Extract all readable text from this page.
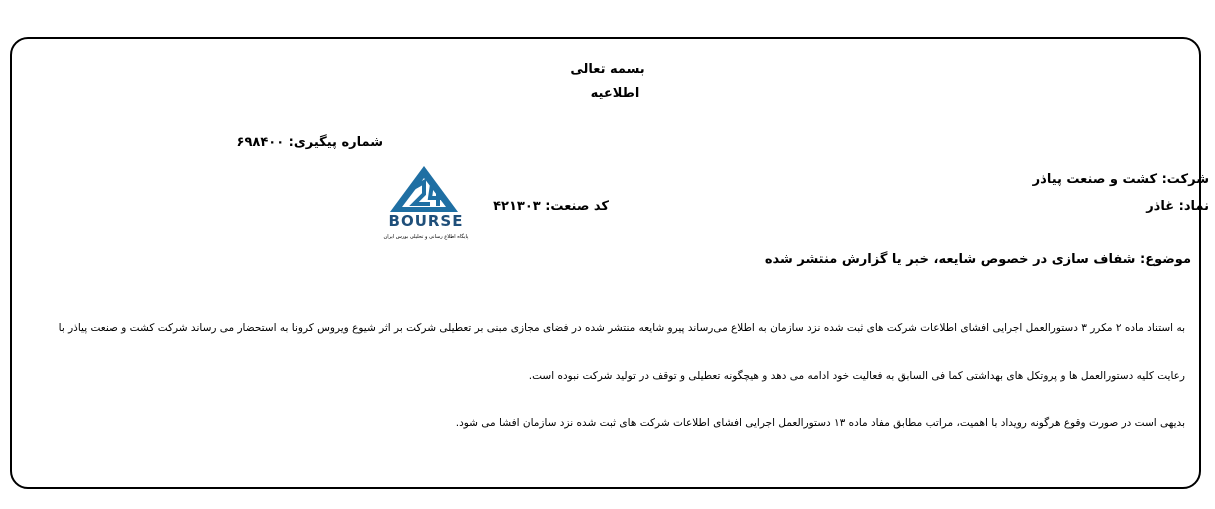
بسمه تعالی
اطلاعیه
شماره پیگیری: ۶۹۸۴۰۰
شرکت: کشت و صنعت پیاذر
نماد: غاذر
کد صنعت: ۴۲۱۳۰۳
BOURSE
پایگاه اطلاع رسانی و تحلیلی بورس ایران
موضوع: شفاف سازی در خصوص شایعه، خبر یا گزارش منتشر شده
به استناد ماده ۲ مکرر ۳ دستورالعمل اجرایی افشای اطلاعات شرکت های ثبت شده نزد سازمان به اطلاع می‌رساند پیرو شایعه منتشر شده در فضای مجازی مبنی بر تعطیلی شرکت بر اثر شیوع ویروس کرونا به استحضار می رساند شرکت کشت و صنعت پیاذر با
رعایت کلیه دستورالعمل ها و پروتکل های بهداشتی کما فی السابق به فعالیت خود ادامه می دهد و هیچگونه تعطیلی و توقف در تولید شرکت نبوده است.
بدیهی است در صورت وقوع هرگونه رویداد با اهمیت، مراتب مطابق مفاد ماده ۱۳ دستورالعمل اجرایی افشای اطلاعات شرکت های ثبت شده نزد سازمان افشا می شود.
